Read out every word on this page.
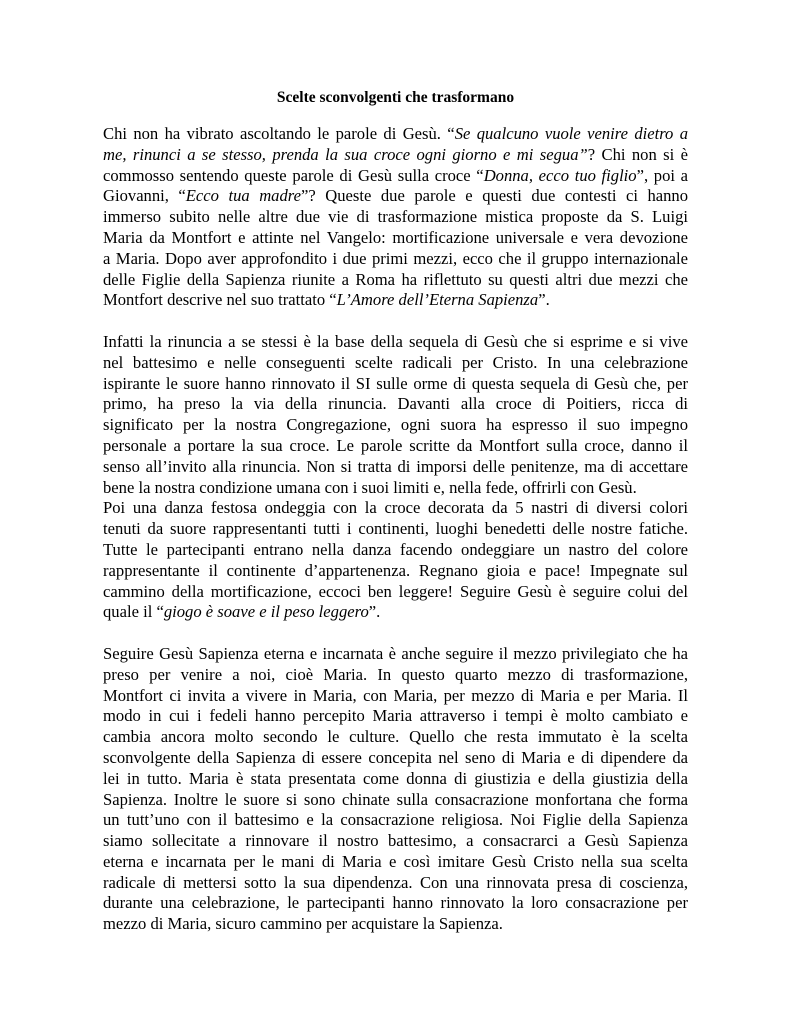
Scelte sconvolgenti che trasformano
Chi non ha vibrato ascoltando le parole di Gesù. “Se qualcuno vuole venire dietro a
me, rinunci a se stesso, prenda la sua croce ogni giorno e mi segua”? Chi non si è
commosso sentendo queste parole di Gesù sulla croce “Donna, ecco tuo figlio”, poi a
Giovanni, “Ecco tua madre”? Queste due parole e questi due contesti ci hanno
immerso subito nelle altre due vie di trasformazione mistica proposte da S. Luigi
Maria da Montfort e attinte nel Vangelo: mortificazione universale e vera devozione
a Maria. Dopo aver approfondito i due primi mezzi, ecco che il gruppo internazionale
delle Figlie della Sapienza riunite a Roma ha riflettuto su questi altri due mezzi che
Montfort descrive nel suo trattato “L’Amore dell’Eterna Sapienza”.
Infatti la rinuncia a se stessi è la base della sequela di Gesù che si esprime e si vive
nel battesimo e nelle conseguenti scelte radicali per Cristo. In una celebrazione
ispirante le suore hanno rinnovato il SI sulle orme di questa sequela di Gesù che, per
primo, ha preso la via della rinuncia. Davanti alla croce di Poitiers, ricca di
significato per la nostra Congregazione, ogni suora ha espresso il suo impegno
personale a portare la sua croce. Le parole scritte da Montfort sulla croce, danno il
senso all’invito alla rinuncia. Non si tratta di imporsi delle penitenze, ma di accettare
bene la nostra condizione umana con i suoi limiti e, nella fede, offrirli con Gesù.
Poi una danza festosa ondeggia con la croce decorata da 5 nastri di diversi colori
tenuti da suore rappresentanti tutti i continenti, luoghi benedetti delle nostre fatiche.
Tutte le partecipanti entrano nella danza facendo ondeggiare un nastro del colore
rappresentante il continente d’appartenenza. Regnano gioia e pace! Impegnate sul
cammino della mortificazione, eccoci ben leggere! Seguire Gesù è seguire colui del
quale il “giogo è soave e il peso leggero”.
Seguire Gesù Sapienza eterna e incarnata è anche seguire il mezzo privilegiato che ha
preso per venire a noi, cioè Maria. In questo quarto mezzo di trasformazione,
Montfort ci invita a vivere in Maria, con Maria, per mezzo di Maria e per Maria. Il
modo in cui i fedeli hanno percepito Maria attraverso i tempi è molto cambiato e
cambia ancora molto secondo le culture. Quello che resta immutato è la scelta
sconvolgente della Sapienza di essere concepita nel seno di Maria e di dipendere da
lei in tutto. Maria è stata presentata come donna di giustizia e della giustizia della
Sapienza. Inoltre le suore si sono chinate sulla consacrazione monfortana che forma
un tutt’uno con il battesimo e la consacrazione religiosa. Noi Figlie della Sapienza
siamo sollecitate a rinnovare il nostro battesimo, a consacrarci a Gesù Sapienza
eterna e incarnata per le mani di Maria e così imitare Gesù Cristo nella sua scelta
radicale di mettersi sotto la sua dipendenza. Con una rinnovata presa di coscienza,
durante una celebrazione, le partecipanti hanno rinnovato la loro consacrazione per
mezzo di Maria, sicuro cammino per acquistare la Sapienza.
